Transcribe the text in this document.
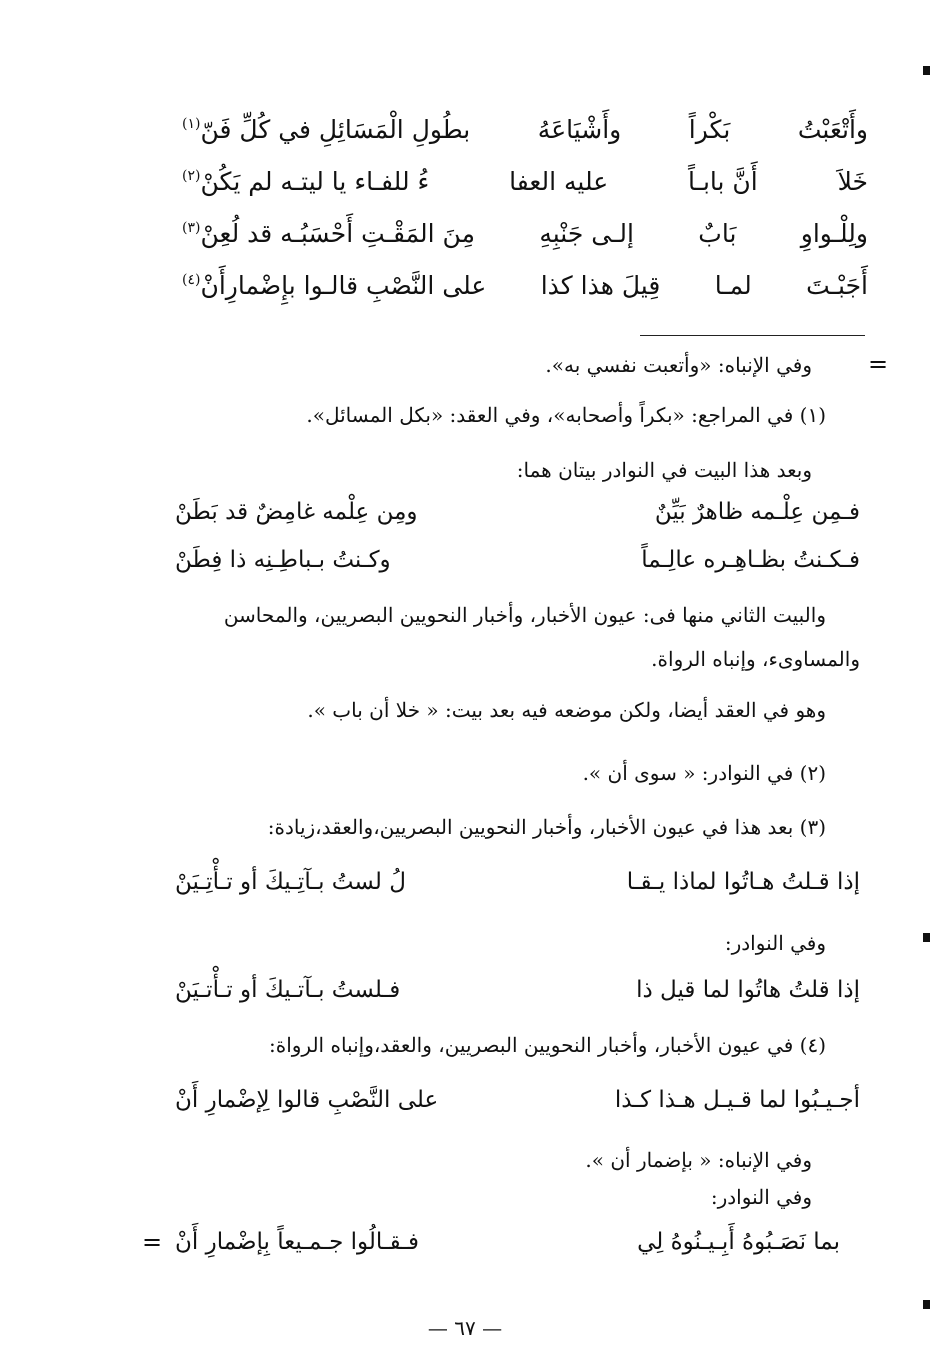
وأَتْعَبْتُ
بَكْراً
وأَشْيَاعَهُ
بطُولِ الْمَسَائِلِ في كُلِّ فَنّ$^{(١)}$
خَلاَ
أَنَّ بابـاً
عليه العفا
ءُ للفـاء يا ليتـه لم يَكُنْ$^{(٢)}$
ولِلْـواوِ
بَابٌ
إلـى جَنْبِهِ
مِنَ المَقْـتِ أَحْسَبُـه قد لُعِنْ$^{(٣)}$
أَجَبْـتَ
لمـا
قِيلَ هذا كذا
على النَّصْبِ قالـوا بإِضْمارِأَنْ$^{(٤)}$
=
وفي الإنباه: «وأتعبت نفسي به».
(١) في المراجع: «بكراً وأصحابه»، وفي العقد: «بكل المسائل».
وبعد هذا البيت في النوادر بيتان هما:
فـمِن عِلْـمه ظاهرٌ بَيِّنٌ
ومِن عِلْمه غامِضٌ قد بَطَنْ
فـكـنتُ بظـاهِـره عالِـماً
وكـنتُ بـباطِـنِه ذا فِطَنْ
والبيت الثاني منها فى: عيون الأخبار، وأخبار النحويين البصريين، والمحاسن
والمساوىء، وإنباه الرواة.
وهو في العقد أيضا، ولكن موضعه فيه بعد بيت: « خلا أن باب ».
(٢) في النوادر: « سوى أن ».
(٣) بعد هذا في عيون الأخبار، وأخبار النحويين البصريين،والعقد،زيادة:
إذا قـلتُ هـاتُوا لماذا يـقـا
لُ لستُ بـآتِـيكَ أو تـأْتِـيَنْ
وفي النوادر:
إذا قلتُ هاتُوا لما قيل ذا
فـلستُ بـآتـيكَ أو تـأْتـيَنْ
(٤) في عيون الأخبار، وأخبار النحويين البصريين، والعقد،وإنباه الرواة:
أجـيـبُوا لما قـيـل هـذا كـذا
على النَّصْبِ قالوا لِإضْمارِ أَنْ
وفي الإنباه: « بإضمار أن ».
وفي النوادر:
بما نَصَـبُوهُ أَبِـيـنُوهُ لِي
فـقـالُوا جـمـيعاً بِإضْمارِ أَنْ
=
— ٦٧ —
